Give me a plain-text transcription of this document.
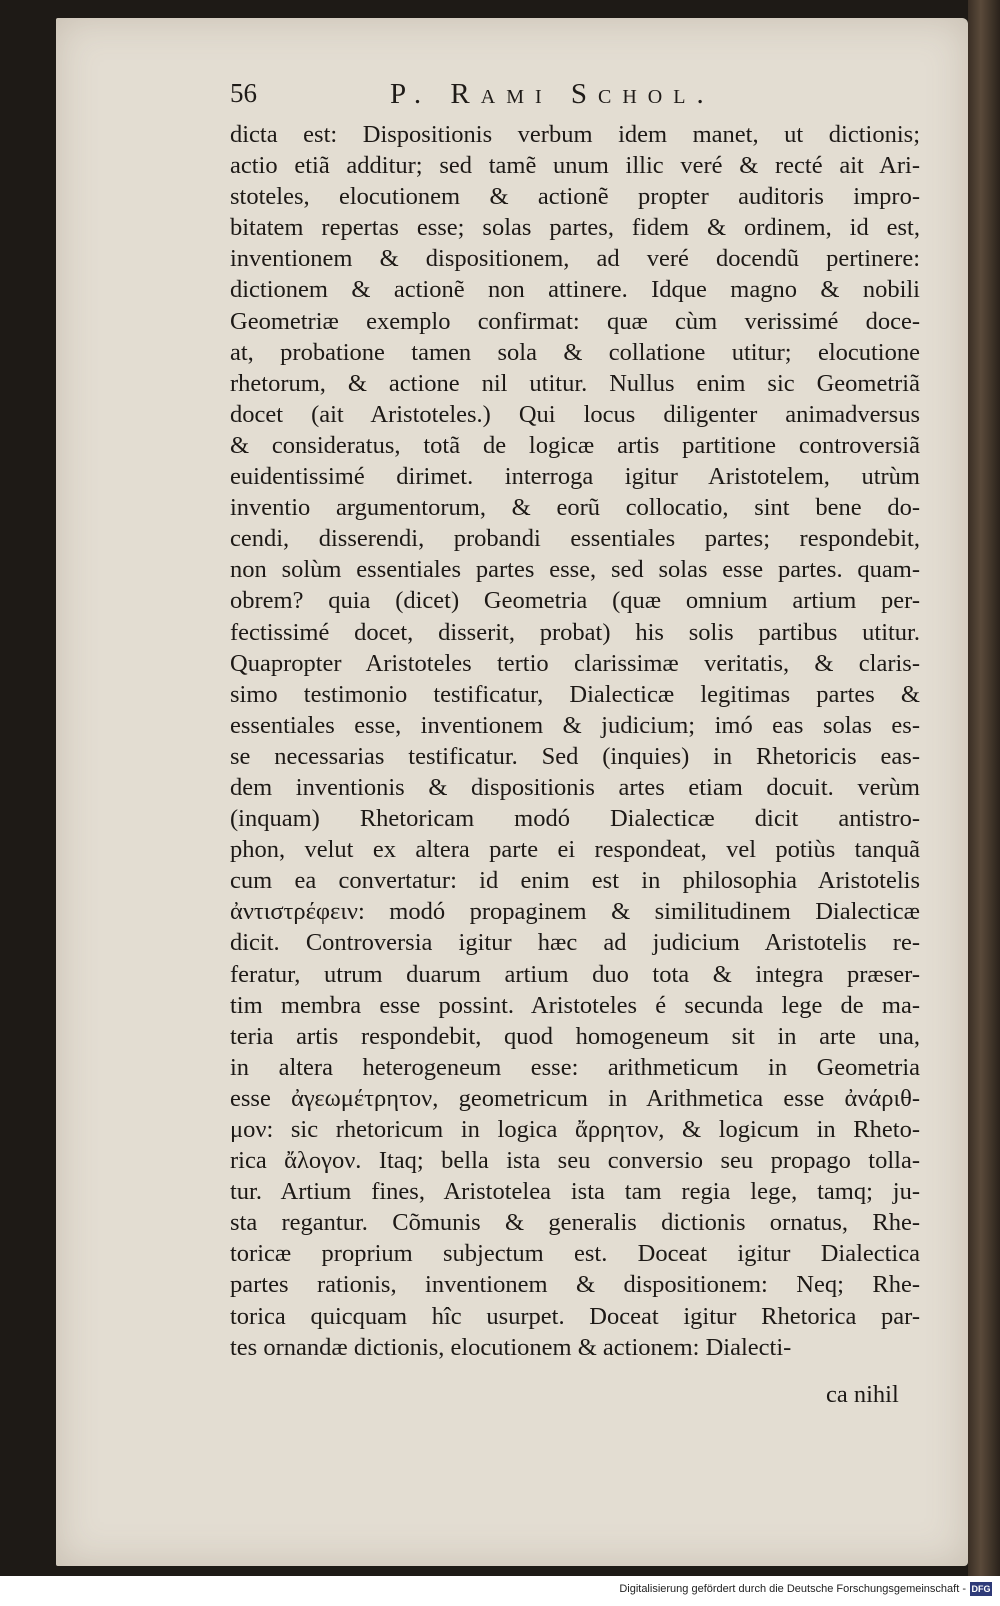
56	P. Rami Schol.
dicta est: Dispositionis verbum idem manet, ut dictionis;
actio etiã additur; sed tamẽ unum illic veré & recté ait Ari-
stoteles, elocutionem & actionẽ propter auditoris impro-
bitatem repertas esse; solas partes, fidem & ordinem, id est,
inventionem & dispositionem, ad veré docendũ pertinere:
dictionem & actionẽ non attinere. Idque magno & nobili
Geometriæ exemplo confirmat: quæ cùm verissimé doce-
at, probatione tamen sola & collatione utitur; elocutione
rhetorum, & actione nil utitur. Nullus enim sic Geometriã
docet (ait Aristoteles.) Qui locus diligenter animadversus
& consideratus, totã de logicæ artis partitione controversiã
euidentissimé dirimet. interroga igitur Aristotelem, utrùm
inventio argumentorum, & eorũ collocatio, sint bene do-
cendi, disserendi, probandi essentiales partes; respondebit,
non solùm essentiales partes esse, sed solas esse partes. quam-
obrem? quia (dicet) Geometria (quæ omnium artium per-
fectissimé docet, disserit, probat) his solis partibus utitur.
Quapropter Aristoteles tertio clarissimæ veritatis, & claris-
simo testimonio testificatur, Dialecticæ legitimas partes &
essentiales esse, inventionem & judicium; imó eas solas es-
se necessarias testificatur. Sed (inquies) in Rhetoricis eas-
dem inventionis & dispositionis artes etiam docuit. verùm
(inquam) Rhetoricam modó Dialecticæ dicit antistro-
phon, velut ex altera parte ei respondeat, vel potiùs tanquã
cum ea convertatur: id enim est in philosophia Aristotelis
ἀντιστρέφειν: modó propaginem & similitudinem Dialecticæ
dicit. Controversia igitur hæc ad judicium Aristotelis re-
feratur, utrum duarum artium duo tota & integra præser-
tim membra esse possint. Aristoteles é secunda lege de ma-
teria artis respondebit, quod homogeneum sit in arte una,
in altera heterogeneum esse: arithmeticum in Geometria
esse ἀγεωμέτρητον, geometricum in Arithmetica esse ἀνάριθ-
μον: sic rhetoricum in logica ἄρρητον, & logicum in Rheto-
rica ἄλογον. Itaq; bella ista seu conversio seu propago tolla-
tur. Artium fines, Aristotelea ista tam regia lege, tamq; ju-
sta regantur. Cõmunis & generalis dictionis ornatus, Rhe-
toricæ proprium subjectum est. Doceat igitur Dialectica
partes rationis, inventionem & dispositionem: Neq; Rhe-
torica quicquam hîc usurpet. Doceat igitur Rhetorica par-
tes ornandæ dictionis, elocutionem & actionem: Dialecti-
ca nihil
Digitalisierung gefördert durch die Deutsche Forschungsgemeinschaft - DFG
